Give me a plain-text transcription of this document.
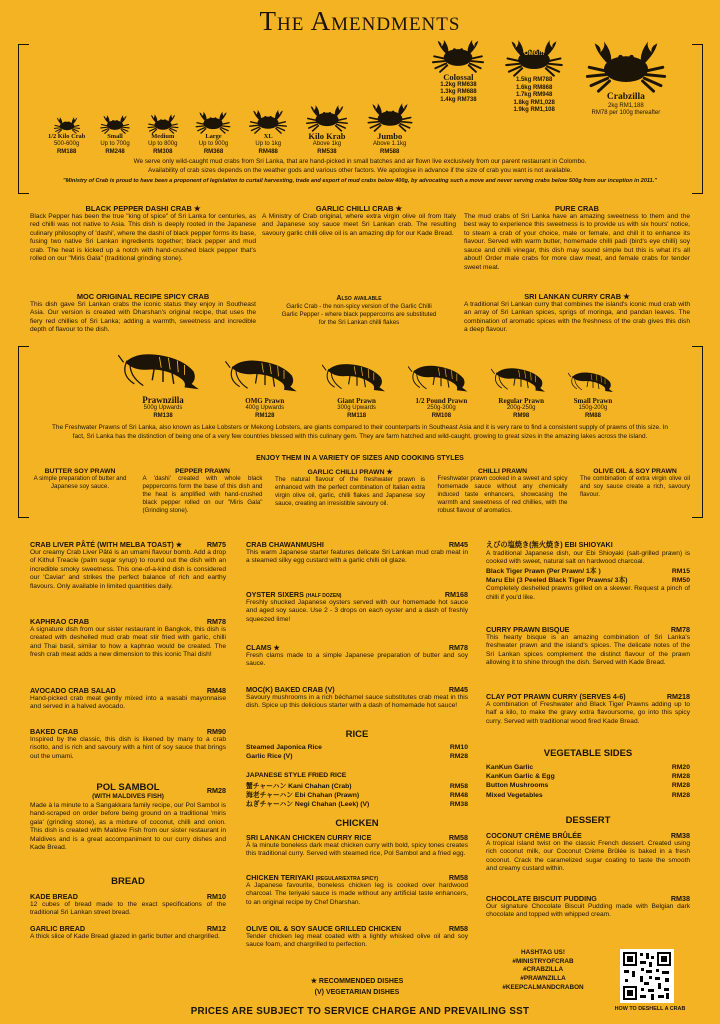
The Amendments
1/2 Kilo Crab
500-600g
RM188
Small
Up to 700g
RM248
Medium
Up to 800g
RM308
Large
Up to 900g
RM368
XL
Up to 1kg
RM488
Kilo Krab
Above 1kg
RM538
Jumbo
Above 1.1kg
RM588
Colossal
1.2kg RM638
1.3kg RM688
1.4kg RM738
OMG!!!
1.5kg RM788
1.6kg RM868
1.7kg RM948
1.8kg RM1,028
1.9kg RM1,108
Crabzilla
2kg RM1,188
RM78 per 100g thereafter
We serve only wild-caught mud crabs from Sri Lanka, that are hand-picked in small batches and air flown live exclusively from our parent restaurant in Colombo.
Availability of crab sizes depends on the weather gods and various other factors. We apologise in advance if the size of crab you want is not available.
"Ministry of Crab is proud to have been a proponent of legislation to curtail harvesting, trade and export of mud crabs below 400g, by advocating such a move and never serving crabs below 500g from our inception in 2011."
BLACK PEPPER DASHI CRAB ★
Black Pepper has been the true "king of spice" of Sri Lanka for centuries, as red chilli was not native to Asia. This dish is deeply rooted in the Japanese culinary philosophy of 'dashi', where the dashi of black pepper forms its base, fusing two native Sri Lankan ingredients together; black pepper and mud crab. The heat is kicked up a notch with hand-crushed black pepper that's rolled on our "Miris Gala" (traditional grinding stone).
GARLIC CHILLI CRAB ★
A Ministry of Crab original, where extra virgin olive oil from Italy and Japanese soy sauce meet Sri Lankan crab. The resulting savoury garlic chilli olive oil is an amazing dip for our Kade Bread.
PURE CRAB
The mud crabs of Sri Lanka have an amazing sweetness to them and the best way to experience this sweetness is to provide us with six hours' notice, to steam a crab of your choice, male or female, and chill it to enhance its flavour. Served with warm butter, homemade chilli padi (bird's eye chilli) soy sauce and chilli vinegar, this dish may sound simple but this is what it's all about! Order male crabs for more claw meat, and female crabs for tender sweet meat.
MOC ORIGINAL RECIPE SPICY CRAB
This dish gave Sri Lankan crabs the iconic status they enjoy in Southeast Asia. Our version is created with Dharshan's original recipe, that uses the fiery red chillies of Sri Lanka; adding a warmth, sweetness and incredible depth of flavour to the dish.
Also available
Garlic Crab - the non-spicy version of the Garlic Chilli
Garlic Pepper - where black peppercorns are substituted
for the Sri Lankan chilli flakes
SRI LANKAN CURRY CRAB ★
A traditional Sri Lankan curry that combines the island's iconic mud crab with an array of Sri Lankan spices, sprigs of moringa, and pandan leaves. The combination of aromatic spices with the freshness of the crab gives this dish a deep flavour.
Prawnzilla
500g Upwards
RM138
OMG Prawn
400g Upwards
RM128
Giant Prawn
300g Upwards
RM118
1/2 Pound Prawn
250g-300g
RM108
Regular Prawn
200g-250g
RM98
Small Prawn
150g-200g
RM88
The Freshwater Prawns of Sri Lanka, also known as Lake Lobsters or Mekong Lobsters, are giants compared to their counterparts in Southeast Asia and it is very rare to find a consistent supply of prawns of this size. In fact, Sri Lanka has the distinction of being one of a very few countries blessed with this culinary gem. They are farm hatched and wild-caught, growing to great sizes in the amazing lakes across the island.
ENJOY THEM IN A VARIETY OF SIZES AND COOKING STYLES
BUTTER SOY PRAWN
A simple preparation of butter and Japanese soy sauce.
PEPPER PRAWN
A 'dashi' created with whole black peppercorns form the base of this dish and the heat is amplified with hand-crushed black pepper rolled on our "Miris Gala" (Grinding stone).
GARLIC CHILLI PRAWN ★
The natural flavour of the freshwater prawn is enhanced with the perfect combination of Italian extra virgin olive oil, garlic, chilli flakes and Japanese soy sauce, creating an irresistible savoury oil.
CHILLI PRAWN
Freshwater prawn cooked in a sweet and spicy homemade sauce without any chemically induced taste enhancers, showcasing the warmth and sweetness of red chillies, with the robust flavour of aromatics.
OLIVE OIL & SOY PRAWN
The combination of extra virgin olive oil and soy sauce create a rich, savoury flavour.
CRAB LIVER PÂTÉ (WITH MELBA TOAST) ★	RM75
Our creamy Crab Liver Pâté is an umami flavour bomb. Add a drop of Kithul Treacle (palm sugar syrup) to round out the dish with an incredible smoky sweetness. This one-of-a-kind dish is considered our 'Caviar' and strikes the perfect balance of rich and earthy flavours. Only available in limited quantities daily.
KAPHRAO CRAB	RM78
A signature dish from our sister restaurant in Bangkok, this dish is created with deshelled mud crab meat stir fried with garlic, chilli and Thai basil, similar to how a kaphrao would be created. The fresh crab meat adds a new dimension to this iconic Thai dish!
AVOCADO CRAB SALAD	RM48
Hand-picked crab meat gently mixed into a wasabi mayonnaise and served in a halved avocado.
BAKED CRAB	RM90
Inspired by the classic, this dish is likened by many to a crab risotto, and is rich and savoury with a hint of soy sauce that brings out the umami.
POL SAMBOL	RM28
(WITH MALDIVES FISH)
Made à la minute to a Sangakkara family recipe, our Pol Sambol is hand-scraped on order before being ground on a traditional 'miris gala' (grinding stone), as a mixture of coconut, chilli and onion. This dish is created with Maldive Fish from our sister restaurant in Maldives and is a great accompaniment to our curry dishes and Kade Bread.
BREAD
KADE BREAD	RM10
12 cubes of bread made to the exact specifications of the traditional Sri Lankan street bread.
GARLIC BREAD	RM12
A thick slice of Kade Bread glazed in garlic butter and chargrilled.
CRAB CHAWANMUSHI	RM45
This warm Japanese starter features delicate Sri Lankan mud crab meat in a steamed silky egg custard with a garlic chilli oil glaze.
OYSTER SIXERS (HALF DOZEN)	RM168
Freshly shucked Japanese oysters served with our homemade hot sauce and aged soy sauce. Use 2 - 3 drops on each oyster and a dash of freshly squeezed lime!
CLAMS ★	RM78
Fresh clams made to a simple Japanese preparation of butter and soy sauce.
MOC(K) BAKED CRAB (V)	RM45
Savoury mushrooms in a rich béchamel sauce substitutes crab meat in this dish. Spice up this delicious starter with a dash of homemade hot sauce!
RICE
Steamed Japonica Rice	RM10
Garlic Rice (V)	RM28
JAPANESE STYLE FRIED RICE
蟹チャーハン Kani Chahan (Crab)	RM58
海老チャーハン Ebi Chahan (Prawn)	RM48
ねぎチャーハン Negi Chahan (Leek) (V)	RM38
CHICKEN
SRI LANKAN CHICKEN CURRY RICE	RM58
À la minute boneless dark meat chicken curry with bold, spicy tones creates this traditional curry. Served with steamed rice, Pol Sambol and a fried egg.
CHICKEN TERIYAKI (REGULAR/EXTRA SPICY)	RM58
A Japanese favourite, boneless chicken leg is cooked over hardwood charcoal. The teriyaki sauce is made without any artificial taste enhancers, to an original recipe by Chef Dharshan.
OLIVE OIL & SOY SAUCE GRILLED CHICKEN	RM58
Tender chicken leg meat coated with a lightly whisked olive oil and soy sauce foam, and chargrilled to perfection.
えびの塩焼き(無火焼き) EBI SHIOYAKI
A traditional Japanese dish, our Ebi Shioyaki (salt-grilled prawn) is cooked with sweet, natural salt on hardwood charcoal.
Black Tiger Prawn (Per Prawn/ 1本 )	RM15
Maru Ebi (3 Peeled Black Tiger Prawns/ 3本)	RM50
Completely deshelled prawns grilled on a skewer. Request a pinch of chilli if you'd like.
CURRY PRAWN BISQUE	RM78
This hearty bisque is an amazing combination of Sri Lanka's freshwater prawn and the island's spices. The delicate notes of the Sri Lankan spices complement the distinct flavour of the prawn allowing it to shine through the dish. Served with Kade Bread.
CLAY POT PRAWN CURRY (SERVES 4-6)	RM218
A combination of Freshwater and Black Tiger Prawns adding up to half a kilo, to make the gravy extra flavoursome, go into this spicy curry. Served with traditional wood fired Kade Bread.
VEGETABLE SIDES
KanKun Garlic	RM20
KanKun Garlic & Egg	RM28
Button Mushrooms	RM28
Mixed Vegetables	RM28
DESSERT
COCONUT CRÈME BRÛLÉE	RM38
A tropical island twist on the classic French dessert. Created using rich coconut milk, our Coconut Crème Brûlée is baked in a fresh coconut. Crack the caramelized sugar coating to taste the smooth and creamy custard within.
CHOCOLATE BISCUIT PUDDING	RM38
Our signature Chocolate Biscuit Pudding made with Belgian dark chocolate and topped with whipped cream.
HASHTAG US!
#MINISTRYOFCRAB
#CRABZILLA
#PRAWNZILLA
#KEEPCALMANDCRABON
HOW TO DESHELL A CRAB
★ RECOMMENDED DISHES
(V) VEGETARIAN DISHES
PRICES ARE SUBJECT TO SERVICE CHARGE AND PREVAILING SST
